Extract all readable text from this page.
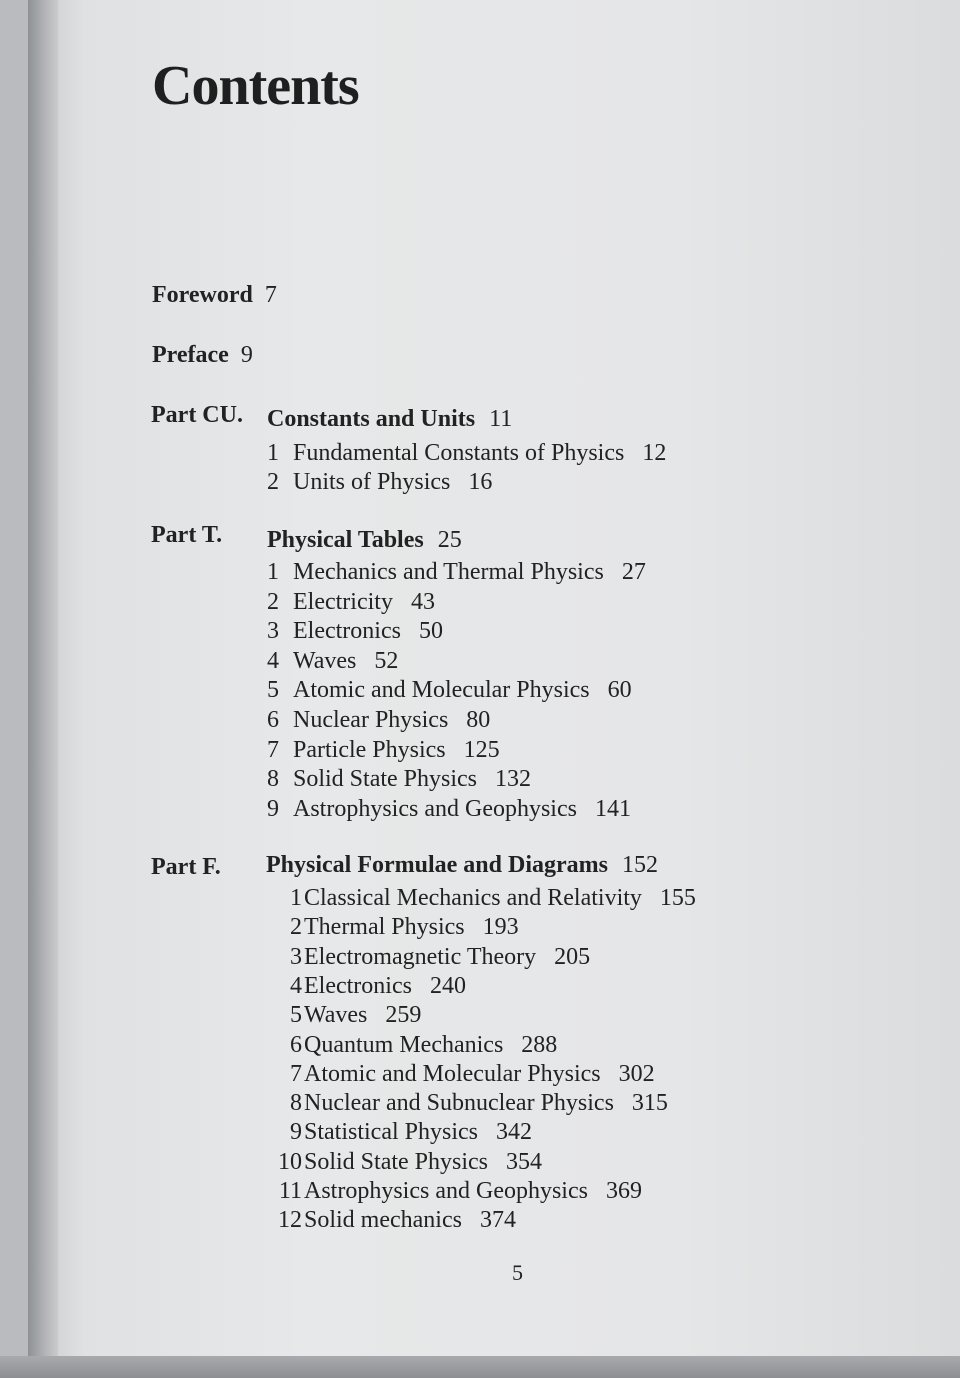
Contents
Foreword 7
Preface 9
Part CU. Constants and Units 11
1 Fundamental Constants of Physics 12
2 Units of Physics 16
Part T. Physical Tables 25
1 Mechanics and Thermal Physics 27
2 Electricity 43
3 Electronics 50
4 Waves 52
5 Atomic and Molecular Physics 60
6 Nuclear Physics 80
7 Particle Physics 125
8 Solid State Physics 132
9 Astrophysics and Geophysics 141
Part F. Physical Formulae and Diagrams 152
1Classical Mechanics and Relativity 155
2Thermal Physics 193
3Electromagnetic Theory 205
4Electronics 240
5Waves 259
6Quantum Mechanics 288
7Atomic and Molecular Physics 302
8Nuclear and Subnuclear Physics 315
9Statistical Physics 342
10Solid State Physics 354
11Astrophysics and Geophysics 369
12Solid mechanics 374
5
